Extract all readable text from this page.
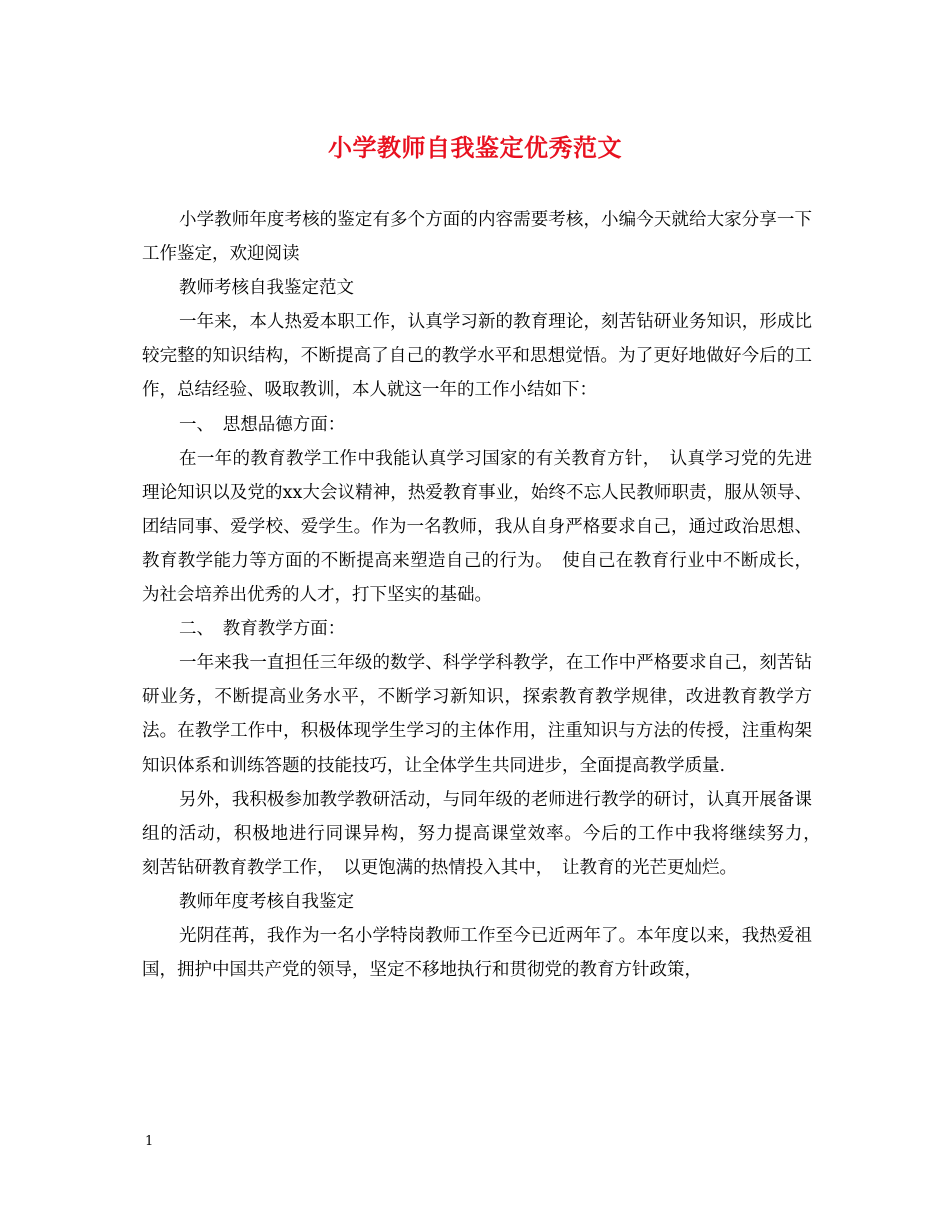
小学教师自我鉴定优秀范文

小学教师年度考核的鉴定有多个方面的内容需要考核，小编今天就给大家分享一下工作鉴定，欢迎阅读

教师考核自我鉴定范文

一年来，本人热爱本职工作，认真学习新的教育理论，刻苦钻研业务知识，形成比较完整的知识结构，不断提高了自己的教学水平和思想觉悟。为了更好地做好今后的工作，总结经验、吸取教训，本人就这一年的工作小结如下：

一、　思想品德方面：

在一年的教育教学工作中我能认真学习国家的有关教育方针，　认真学习党的先进理论知识以及党的xx大会议精神，热爱教育事业，始终不忘人民教师职责，服从领导、团结同事、爱学校、爱学生。作为一名教师，我从自身严格要求自己，通过政治思想、教育教学能力等方面的不断提高来塑造自己的行为。　使自己在教育行业中不断成长，为社会培养出优秀的人才，打下坚实的基础。

二、　教育教学方面：

一年来我一直担任三年级的数学、科学学科教学，在工作中严格要求自己，刻苦钻研业务，不断提高业务水平，不断学习新知识，探索教育教学规律，改进教育教学方 法。在教学工作中，积极体现学生学习的主体作用，注重知识与方法的传授，注重构架知识体系和训练答题的技能技巧，让全体学生共同进步，全面提高教学质量.

另外，我积极参加教学教研活动，与同年级的老师进行教学的研讨，认真开展备课组的活动，积极地进行同课异构，努力提高课堂效率。今后的工作中我将继续努力，　刻苦钻研教育教学工作，　以更饱满的热情投入其中，　让教育的光芒更灿烂。

教师年度考核自我鉴定

光阴荏苒，我作为一名小学特岗教师工作至今已近两年了。本年度以来，我热爱祖国，拥护中国共产党的领导，坚定不移地执行和贯彻党的教育方针政策，

1
